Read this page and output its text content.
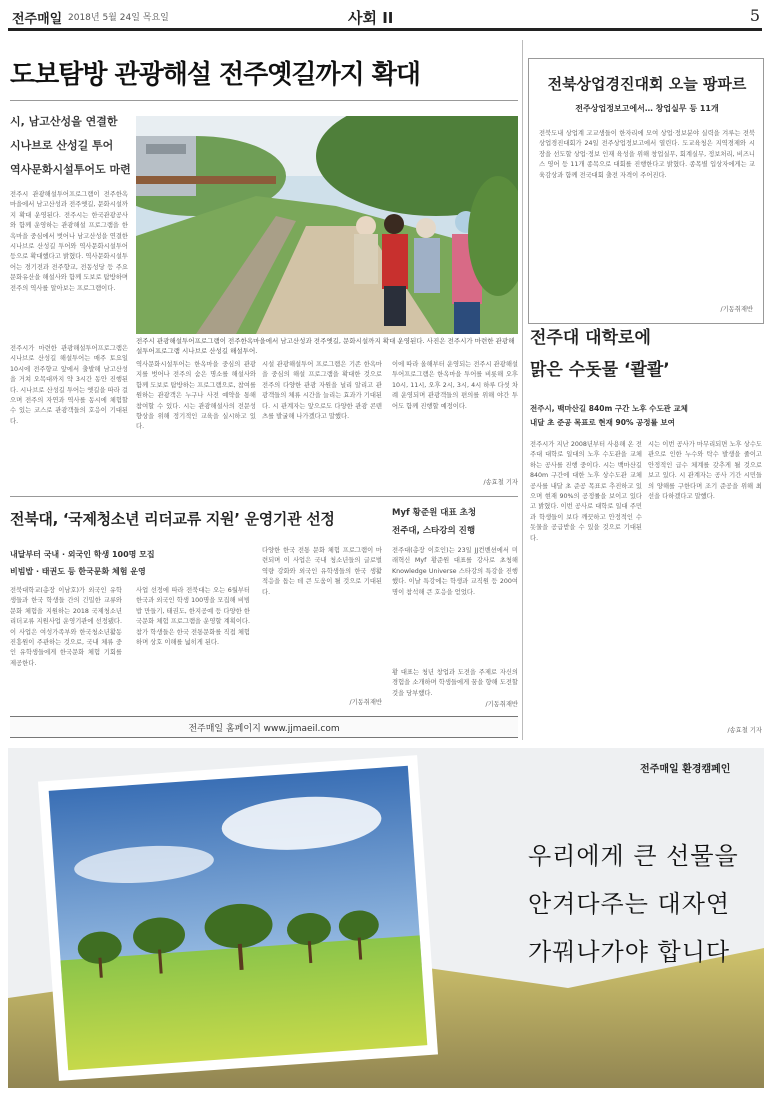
전주매일 2018년 5월 24일 목요일	사회 II	5
도보탐방 관광해설 전주옛길까지 확대
시, 남고산성을 연결한
시나브로 산성길 투어
역사문화시설투어도 마련
전주시 관광해설투어프로그램이 전주한옥마을에서 남고산성과 전주옛길, 문화시설까지 확대 운영된다. 전주시는 한국관광공사와 함께 운영하는 관광해설 프로그램을 한옥마을 중심에서 벗어나 남고산성을 연결한 시나브로 산성길 투어와 역사문화시설투어 등으로 확대했다고 밝혔다. 역사문화시설투어는 경기전과 전주향교, 전동성당 등 주요 문화유산을 해설사와 함께 도보로 탐방하며 전주의 역사를 알아보는 프로그램이다.
전주시가 마련한 관광해설투어프로그램은 시나브로 산성길 해설투어는 매주 토요일 10시에 전주향교 앞에서 출발해 남고산성을 거쳐 오목대까지 약 3시간 동안 진행된다. 시나브로 산성길 투어는 옛길을 따라 걸으며 전주의 자연과 역사를 동시에 체험할 수 있는 코스로 관광객들의 호응이 기대된다.
전주시 관광해설투어프로그램이 전주한옥마을에서 남고산성과 전주옛길, 문화시설까지 확대 운영된다. 사진은 전주시가 마련한 관광해설투어프로그램 시나브로 산성길 해설투어.
역사문화시설투어는 한옥마을 중심의 관광지를 벗어나 전주의 숨은 명소를 해설사와 함께 도보로 탐방하는 프로그램으로, 참여를 원하는 관광객은 누구나 사전 예약을 통해 참여할 수 있다. 시는 관광해설사의 전문성 향상을 위해 정기적인 교육을 실시하고 있다.
시설 관광해설투어 프로그램은 기존 한옥마을 중심의 해설 프로그램을 확대한 것으로 전주의 다양한 관광 자원을 널리 알리고 관광객들의 체류 시간을 늘리는 효과가 기대된다. 시 관계자는 앞으로도 다양한 관광 콘텐츠를 발굴해 나가겠다고 말했다.
이에 따라 올해부터 운영되는 전주시 관광해설투어프로그램은 한옥마을 투어를 비롯해 오후 10시, 11시, 오후 2시, 3시, 4시 하루 다섯 차례 운영되며 관광객들의 편의를 위해 야간 투어도 함께 진행할 예정이다.
/송효철 기자
전북상업경진대회 오늘 팡파르
전주상업정보고에서… 창업실무 등 11개
전북도내 상업계 고교생들이 한자리에 모여 상업·정보분야 실력을 겨루는 전북상업경진대회가 24일 전주상업정보고에서 열린다. 도교육청은 지역경제와 시장을 선도할 상업·정보 인재 육성을 위해 창업실무, 회계실무, 정보처리, 비즈니스 영어 등 11개 종목으로 대회를 진행한다고 밝혔다. 종목별 입상자에게는 교육감상과 함께 전국대회 출전 자격이 주어진다.
/기동취재반
전주대 대학로에
맑은 수돗물 ‘콸콸’
전주시, 백마산길 840m 구간 노후 수도관 교체
내달 초 준공 목표로 현재 90% 공정률 보여
전주시가 지난 2008년부터 사용해 온 전주대 대학로 일대의 노후 수도관을 교체하는 공사를 진행 중이다. 시는 백마산길 840m 구간에 대한 노후 상수도관 교체 공사를 내달 초 준공 목표로 추진하고 있으며 현재 90%의 공정률을 보이고 있다고 밝혔다. 이번 공사로 대학로 일대 주민과 학생들이 보다 깨끗하고 안정적인 수돗물을 공급받을 수 있을 것으로 기대된다.
시는 이번 공사가 마무리되면 노후 상수도관으로 인한 누수와 탁수 발생을 줄이고 안정적인 급수 체계를 갖추게 될 것으로 보고 있다. 시 관계자는 공사 기간 시민들의 양해를 구한다며 조기 준공을 위해 최선을 다하겠다고 말했다.
/송효철 기자
전북대, ‘국제청소년 리더교류 지원’ 운영기관 선정
내달부터 국내 · 외국인 학생 100명 모집
비빔밥 · 태권도 등 한국문화 체험 운영
전북대학교(총장 이남호)가 외국인 유학생들과 한국 학생들 간의 긴밀한 교류와 문화 체험을 지원하는 2018 국제청소년 리더교류 지원사업 운영기관에 선정됐다. 이 사업은 여성가족부와 한국청소년활동진흥원이 주관하는 것으로, 국내 체류 중인 유학생들에게 한국문화 체험 기회를 제공한다.
사업 선정에 따라 전북대는 오는 6월부터 한국과 외국인 학생 100명을 모집해 비빔밥 만들기, 태권도, 한지공예 등 다양한 한국문화 체험 프로그램을 운영할 계획이다. 참가 학생들은 한국 전통문화를 직접 체험하며 상호 이해를 넓히게 된다.
다양한 한국 전통 문화 체험 프로그램이 마련되며 이 사업은 국내 청소년들의 글로벌 역량 강화와 외국인 유학생들의 한국 생활 적응을 돕는 데 큰 도움이 될 것으로 기대된다.
/기동취재반
Myf 황준원 대표 초청
전주대, 스타강의 진행
전주대(총장 이호인)는 23일 JJ컨벤션에서 미래혁신 Myf 황준원 대표를 강사로 초청해 Knowledge Universe 스타강의 특강을 진행했다. 이날 특강에는 학생과 교직원 등 200여 명이 참석해 큰 호응을 얻었다.
황 대표는 청년 창업과 도전을 주제로 자신의 경험을 소개하며 학생들에게 꿈을 향해 도전할 것을 당부했다.
/기동취재반
전주매일 홈페이지 www.jjmaeil.com
전주매일 환경캠페인
우리에게 큰 선물을
안겨다주는 대자연
가꿔나가야 합니다
